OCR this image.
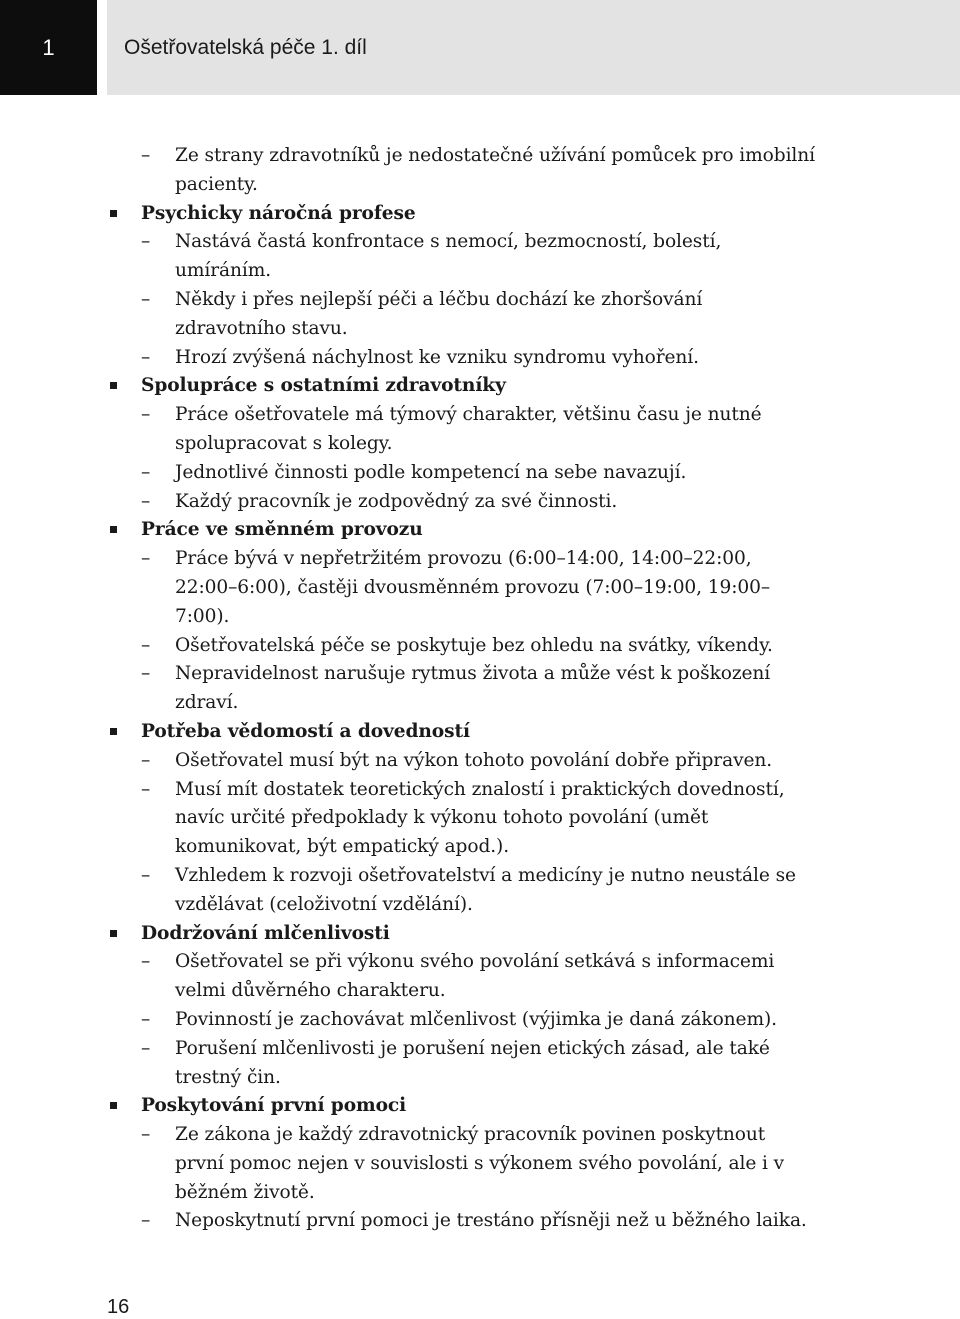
1	Ošetřovatelská péče 1. díl
–	Ze strany zdravotníků je nedostatečné užívání pomůcek pro imobilní pacienty.
Psychicky náročná profese
–	Nastává častá konfrontace s nemocí, bezmocností, bolestí, umíráním.
–	Někdy i přes nejlepší péči a léčbu dochází ke zhoršování zdravotního stavu.
–	Hrozí zvýšená náchylnost ke vzniku syndromu vyhoření.
Spolupráce s ostatními zdravotníky
–	Práce ošetřovatele má týmový charakter, většinu času je nutné spolupracovat s kolegy.
–	Jednotlivé činnosti podle kompetencí na sebe navazují.
–	Každý pracovník je zodpovědný za své činnosti.
Práce ve směnném provozu
–	Práce bývá v nepřetržitém provozu (6:00–14:00, 14:00–22:00, 22:00–6:00), častěji dvousměnném provozu (7:00–19:00, 19:00–7:00).
–	Ošetřovatelská péče se poskytuje bez ohledu na svátky, víkendy.
–	Nepravidelnost narušuje rytmus života a může vést k poškození zdraví.
Potřeba vědomostí a dovedností
–	Ošetřovatel musí být na výkon tohoto povolání dobře připraven.
–	Musí mít dostatek teoretických znalostí i praktických dovedností, navíc určité předpoklady k výkonu tohoto povolání (umět komunikovat, být empatický apod.).
–	Vzhledem k rozvoji ošetřovatelství a medicíny je nutno neustále se vzdělávat (celoživotní vzdělání).
Dodržování mlčenlivosti
–	Ošetřovatel se při výkonu svého povolání setkává s informacemi velmi důvěrného charakteru.
–	Povinností je zachovávat mlčenlivost (výjimka je daná zákonem).
–	Porušení mlčenlivosti je porušení nejen etických zásad, ale také trestný čin.
Poskytování první pomoci
–	Ze zákona je každý zdravotnický pracovník povinen poskytnout první pomoc nejen v souvislosti s výkonem svého povolání, ale i v běžném životě.
–	Neposkytnutí první pomoci je trestáno přísněji než u běžného laika.
16
